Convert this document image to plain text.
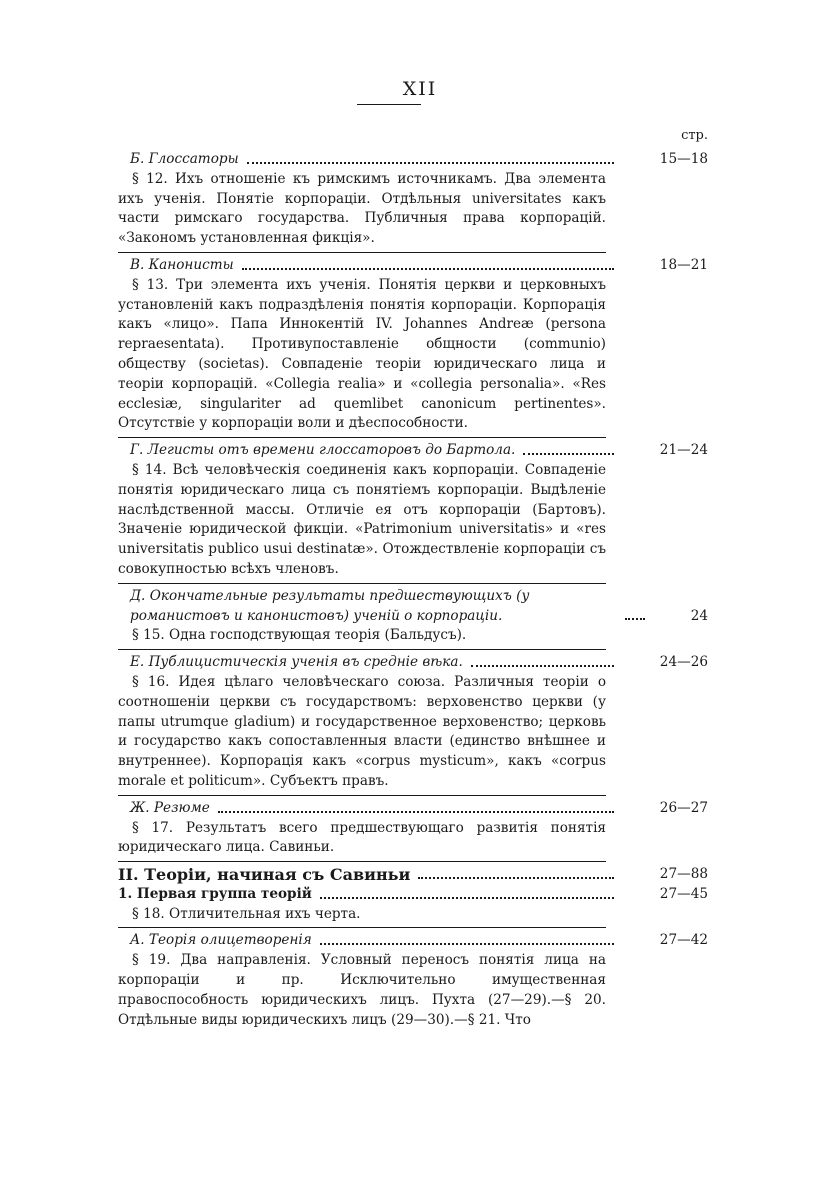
XII
стр.
Б. Глоссаторы	15—18
§ 12. Ихъ отношеніе къ римскимъ источникамъ. Два элемента ихъ ученія. Понятіе корпораціи. Отдѣльныя universitates какъ части римскаго государства. Публичныя права корпорацій. «Закономъ установленная фикція».
В. Канонисты	18—21
§ 13. Три элемента ихъ ученія. Понятія церкви и церковныхъ установленій какъ подраздѣленія понятія корпораціи. Корпорація какъ «лицо». Папа Иннокентій IV. Johannes Andreæ (persona repraesentata). Противупоставленіе общности (communio) обществу (societas). Совпаденіе теоріи юридическаго лица и теоріи корпорацій. «Collegia realia» и «collegia personalia». «Res ecclesiæ, singulariter ad quemlibet canonicum pertinentes». Отсутствіе у корпораціи воли и дѣеспособности.
Г. Легисты отъ времени глоссаторовъ до Бартола.	21—24
§ 14. Всѣ человѣческія соединенія какъ корпораціи. Совпаденіе понятія юридическаго лица съ понятіемъ корпораціи. Выдѣленіе наслѣдственной массы. Отличіе ея отъ корпораціи (Бартовъ). Значеніе юридической фикціи. «Patrimonium universitatis» и «res universitatis publico usui destinatæ». Отождествленіе корпораціи съ совокупностью всѣхъ членовъ.
Д. Окончательные результаты предшествующихъ (у романистовъ и канонистовъ) ученій о корпораціи.	24
§ 15. Одна господствующая теорія (Бальдусъ).
Е. Публицистическія ученія въ средніе вѣка.	24—26
§ 16. Идея цѣлаго человѣческаго союза. Различныя теоріи о соотношеніи церкви съ государствомъ: верховенство церкви (у папы utrumque gladium) и государственное верховенство; церковь и государство какъ сопоставленныя власти (единство внѣшнее и внутреннее). Корпорація какъ «corpus mysticum», какъ «corpus morale et politicum». Субъектъ правъ.
Ж. Резюме	26—27
§ 17. Результатъ всего предшествующаго развитія понятія юридическаго лица. Савиньи.
II. Теоріи, начиная съ Савиньи	27—88
1. Первая группа теорій	27—45
§ 18. Отличительная ихъ черта.
А. Теорія олицетворенія	27—42
§ 19. Два направленія. Условный переносъ понятія лица на корпораціи и пр. Исключительно имущественная правоспособность юридическихъ лицъ. Пухта (27—29).—§ 20. Отдѣльные виды юридическихъ лицъ (29—30).—§ 21. Что
